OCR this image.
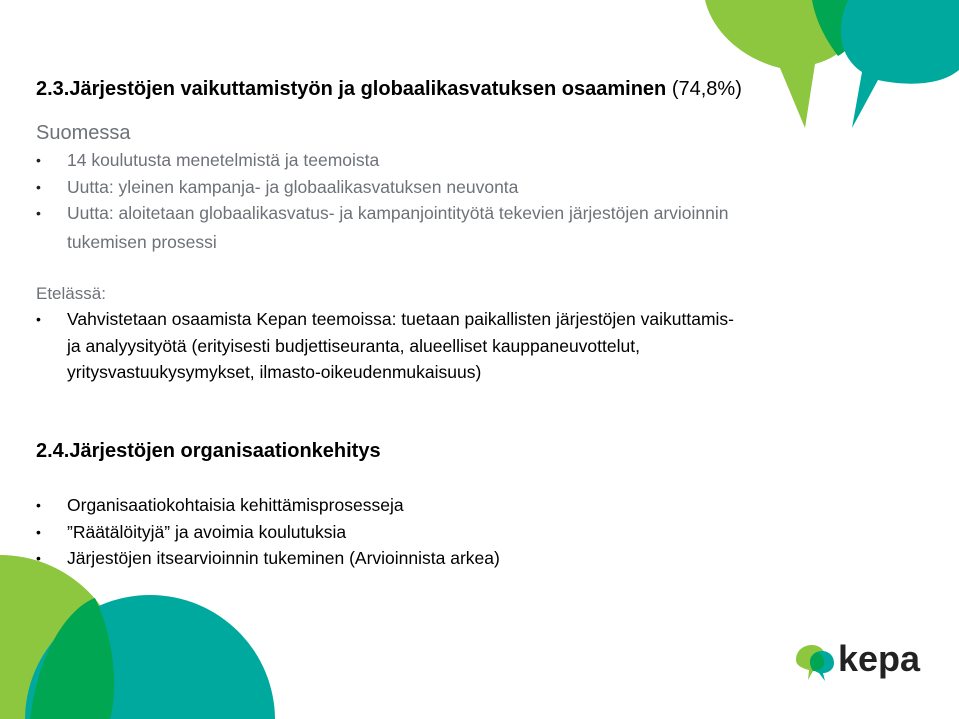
2.3.Järjestöjen vaikuttamistyön ja globaalikasvatuksen osaaminen (74,8%)
Suomessa
• 14 koulutusta menetelmistä ja teemoista
• Uutta: yleinen kampanja- ja globaalikasvatuksen neuvonta
• Uutta: aloitetaan globaalikasvatus- ja kampanjointityötä tekevien järjestöjen arvioinnin
tukemisen prosessi
Etelässä:
• Vahvistetaan osaamista Kepan teemoissa: tuetaan paikallisten järjestöjen vaikuttamis-
ja analyysityötä (erityisesti budjettiseuranta, alueelliset kauppaneuvottelut,
yritysvastuukysymykset, ilmasto-oikeudenmukaisuus)
2.4.Järjestöjen organisaationkehitys
• Organisaatiokohtaisia kehittämisprosesseja
• ”Räätälöityjä” ja avoimia koulutuksia
• Järjestöjen itsearvioinnin tukeminen (Arvioinnista arkea)
kepa
